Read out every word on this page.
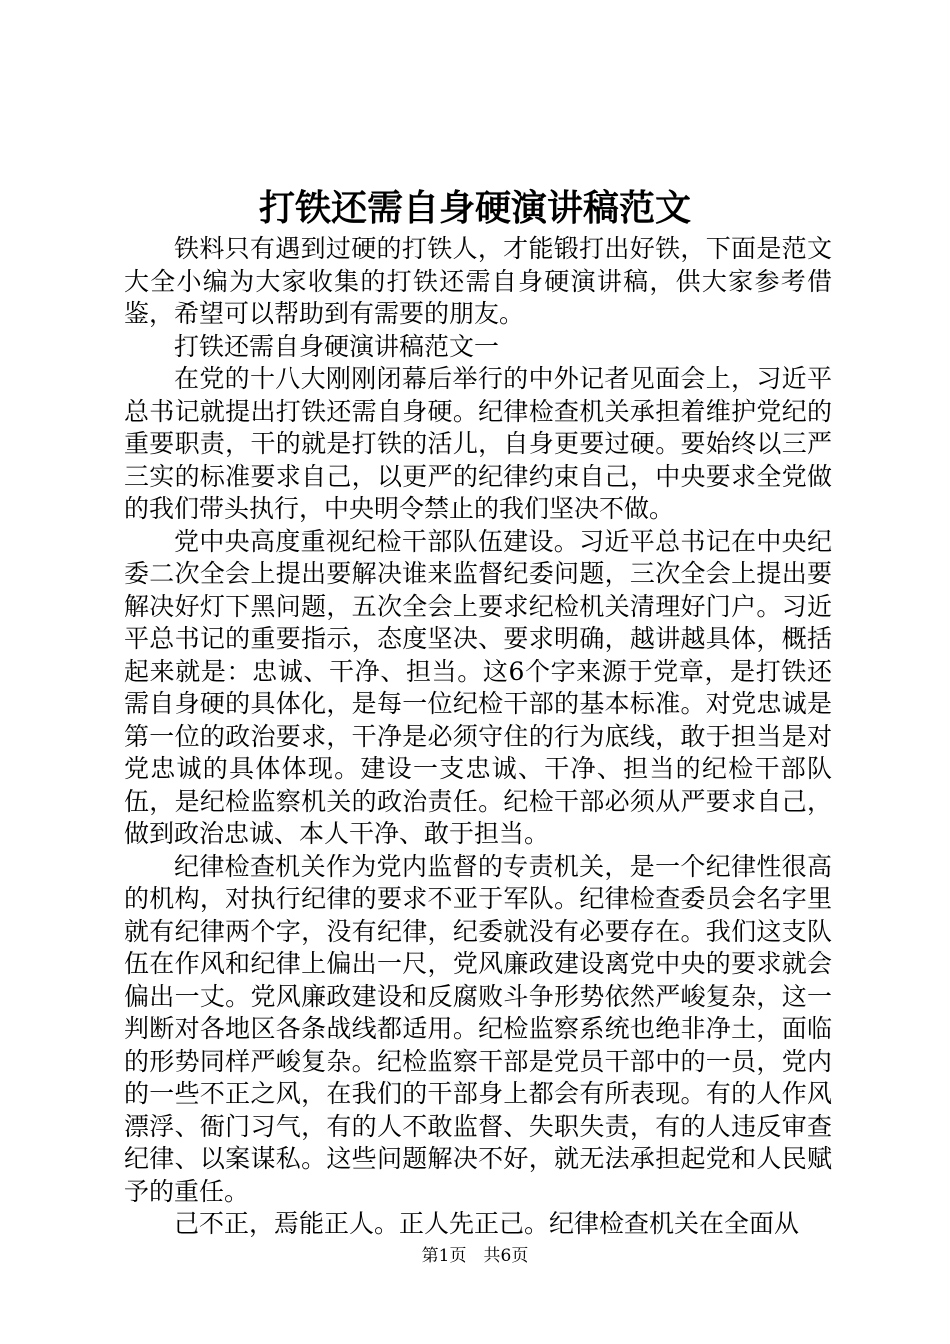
打铁还需自身硬演讲稿范文

铁料只有遇到过硬的打铁人，才能锻打出好铁，下面是范文大全小编为大家收集的打铁还需自身硬演讲稿，供大家参考借鉴，希望可以帮助到有需要的朋友。

打铁还需自身硬演讲稿范文一

在党的十八大刚刚闭幕后举行的中外记者见面会上，习近平总书记就提出打铁还需自身硬。纪律检查机关承担着维护党纪的重要职责，干的就是打铁的活儿，自身更要过硬。要始终以三严三实的标准要求自己，以更严的纪律约束自己，中央要求全党做的我们带头执行，中央明令禁止的我们坚决不做。

党中央高度重视纪检干部队伍建设。习近平总书记在中央纪委二次全会上提出要解决谁来监督纪委问题，三次全会上提出要解决好灯下黑问题，五次全会上要求纪检机关清理好门户。习近平总书记的重要指示，态度坚决、要求明确，越讲越具体，概括起来就是：忠诚、干净、担当。这6个字来源于党章，是打铁还需自身硬的具体化，是每一位纪检干部的基本标准。对党忠诚是第一位的政治要求，干净是必须守住的行为底线，敢于担当是对党忠诚的具体体现。建设一支忠诚、干净、担当的纪检干部队伍，是纪检监察机关的政治责任。纪检干部必须从严要求自己，做到政治忠诚、本人干净、敢于担当。

纪律检查机关作为党内监督的专责机关，是一个纪律性很高的机构，对执行纪律的要求不亚于军队。纪律检查委员会名字里就有纪律两个字，没有纪律，纪委就没有必要存在。我们这支队伍在作风和纪律上偏出一尺，党风廉政建设离党中央的要求就会偏出一丈。党风廉政建设和反腐败斗争形势依然严峻复杂，这一判断对各地区各条战线都适用。纪检监察系统也绝非净土，面临的形势同样严峻复杂。纪检监察干部是党员干部中的一员，党内的一些不正之风，在我们的干部身上都会有所表现。有的人作风漂浮、衙门习气，有的人不敢监督、失职失责，有的人违反审查纪律、以案谋私。这些问题解决不好，就无法承担起党和人民赋予的重任。

己不正，焉能正人。正人先正己。纪律检查机关在全面从

第1页  共6页
